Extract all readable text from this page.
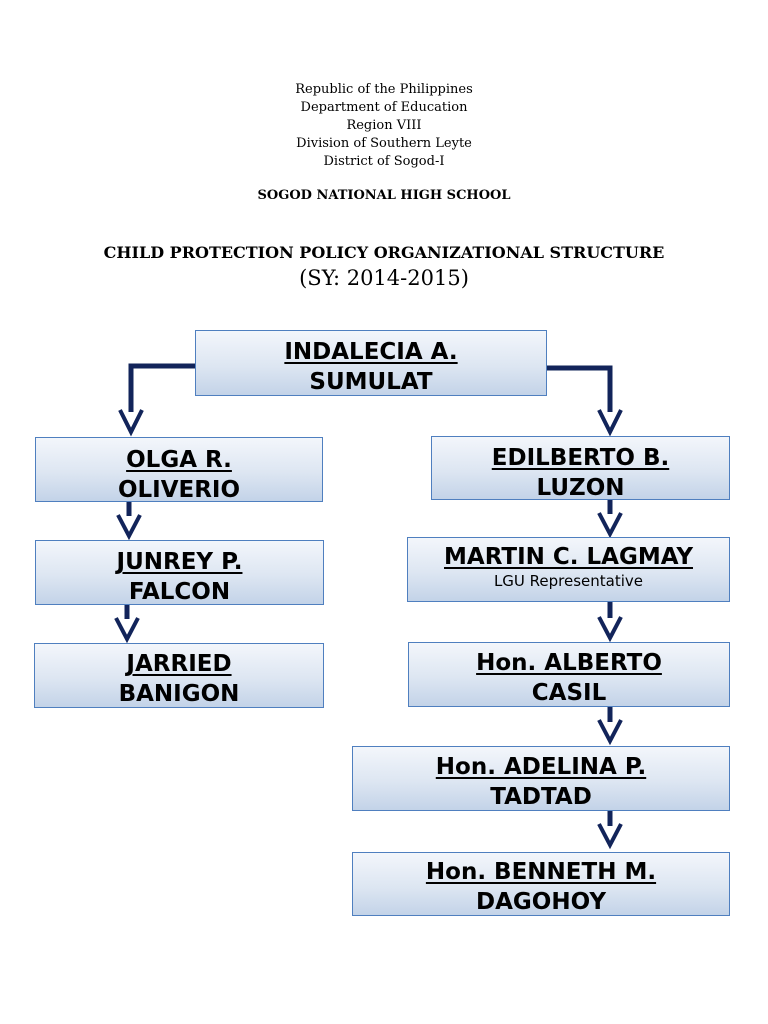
Republic of the Philippines
Department of Education
Region VIII
Division of Southern Leyte
District of Sogod-I
SOGOD NATIONAL HIGH SCHOOL
CHILD PROTECTION POLICY ORGANIZATIONAL STRUCTURE
(SY: 2014-2015)
INDALECIA A.
SUMULAT
OLGA R.
OLIVERIO
JUNREY P.
FALCON
JARRIED
BANIGON
EDILBERTO B.
LUZON
MARTIN C. LAGMAY
LGU Representative
Hon. ALBERTO
CASIL
Hon. ADELINA P.
TADTAD
Hon. BENNETH M.
DAGOHOY
